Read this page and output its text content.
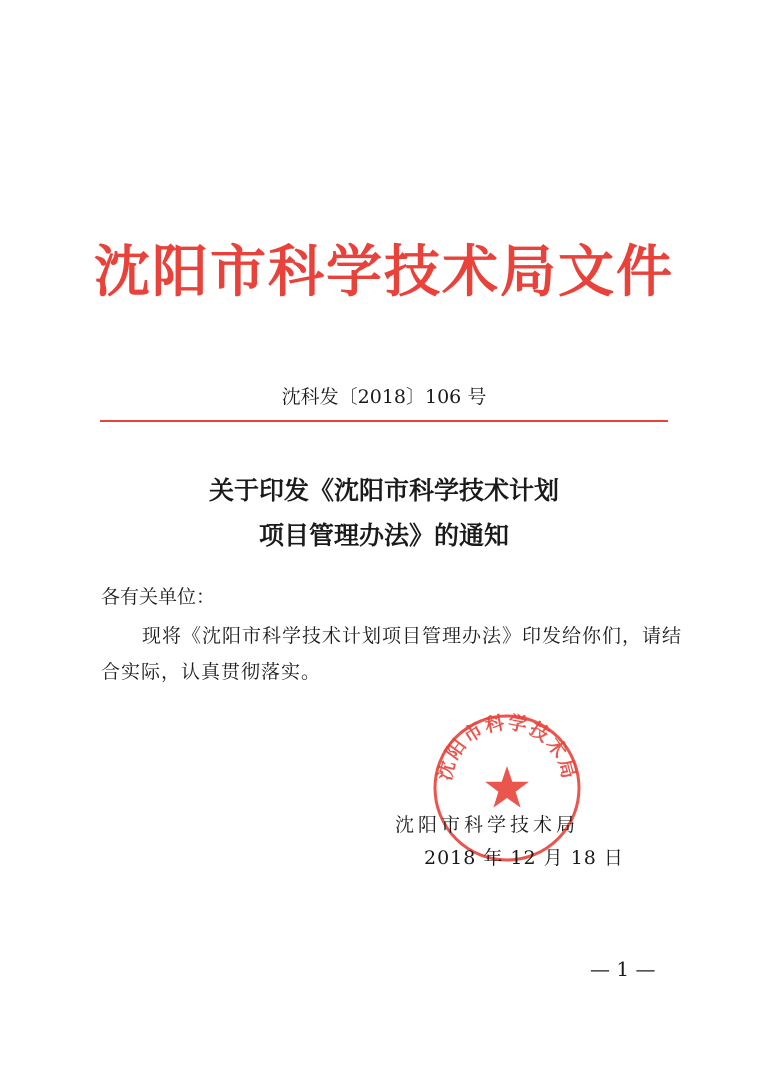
沈阳市科学技术局文件
沈科发〔2018〕106 号
关于印发《沈阳市科学技术计划
项目管理办法》的通知
各有关单位：
现将《沈阳市科学技术计划项目管理办法》印发给你们，请结
合实际，认真贯彻落实。
沈阳市科学技术局
沈阳市科学技术局
2018 年 12 月 18 日
— 1 —
